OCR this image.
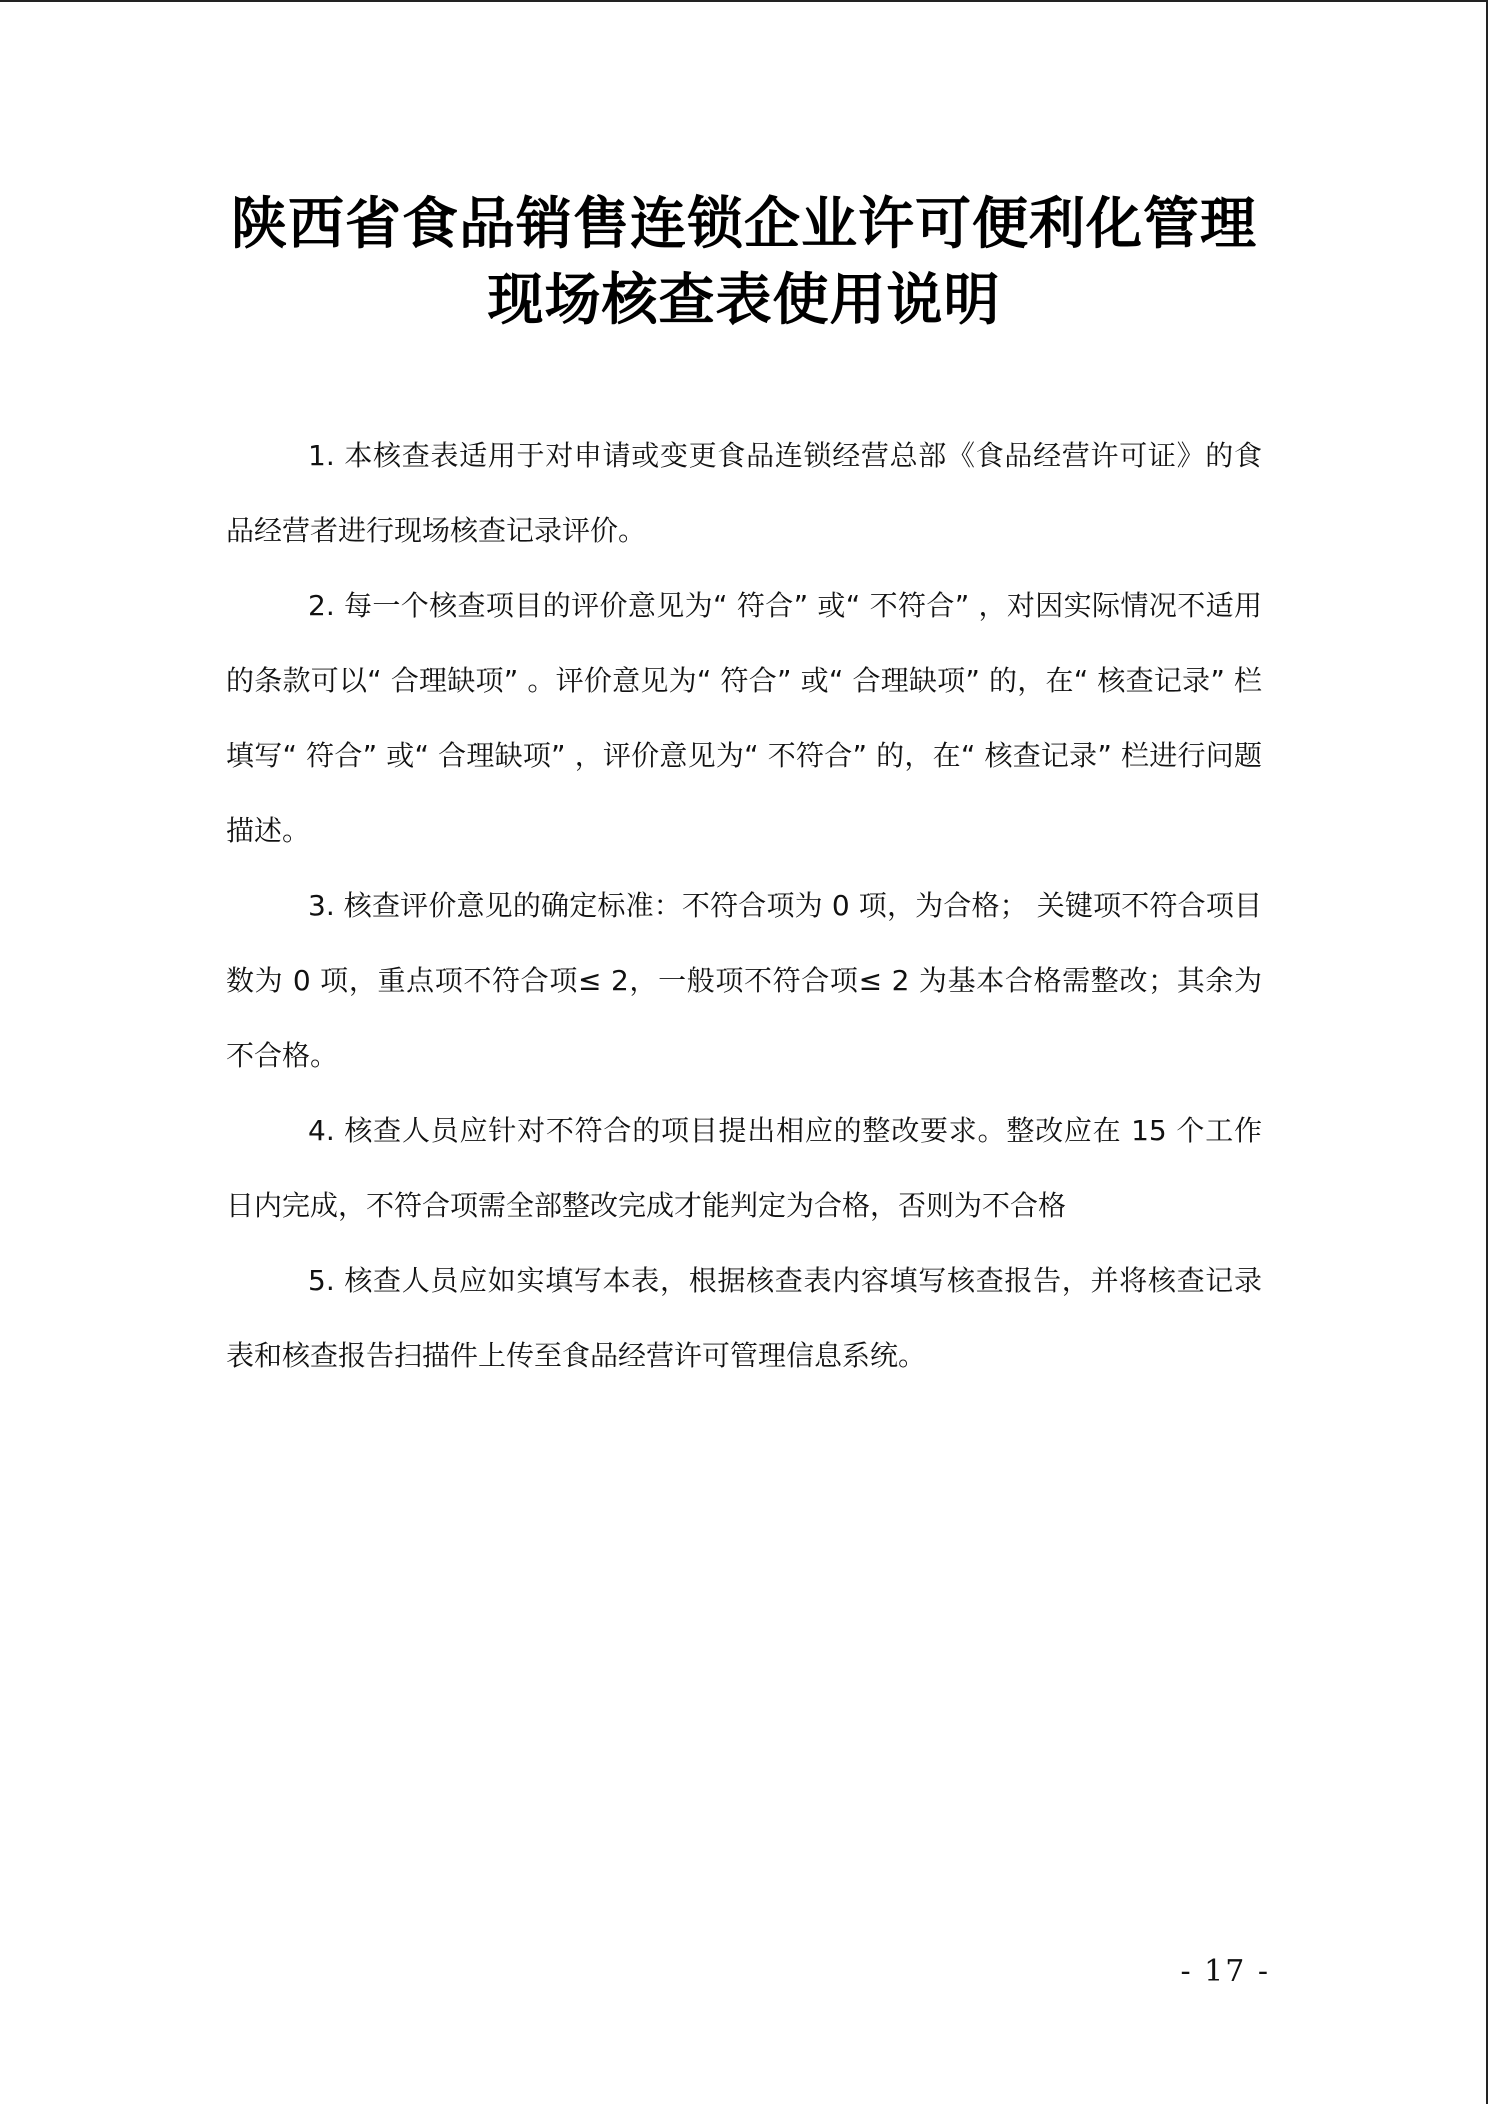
陕西省食品销售连锁企业许可便利化管理
现场核查表使用说明

1. 本核查表适用于对申请或变更食品连锁经营总部《食品经营许可证》的食品经营者进行现场核查记录评价。

2. 每一个核查项目的评价意见为“ 符合” 或“ 不符合” ，对因实际情况不适用的条款可以“ 合理缺项” 。评价意见为“ 符合” 或“ 合理缺项” 的，在“ 核查记录” 栏填写“ 符合” 或“ 合理缺项” ，评价意见为“ 不符合” 的，在“ 核查记录” 栏进行问题描述。

3. 核查评价意见的确定标准：不符合项为 0 项，为合格； 关键项不符合项目数为 0 项，重点项不符合项≤ 2，一般项不符合项≤ 2 为基本合格需整改；其余为不合格。

4. 核查人员应针对不符合的项目提出相应的整改要求。整改应在 15 个工作日内完成，不符合项需全部整改完成才能判定为合格，否则为不合格

5. 核查人员应如实填写本表，根据核查表内容填写核查报告，并将核查记录表和核查报告扫描件上传至食品经营许可管理信息系统。

- 17 -
